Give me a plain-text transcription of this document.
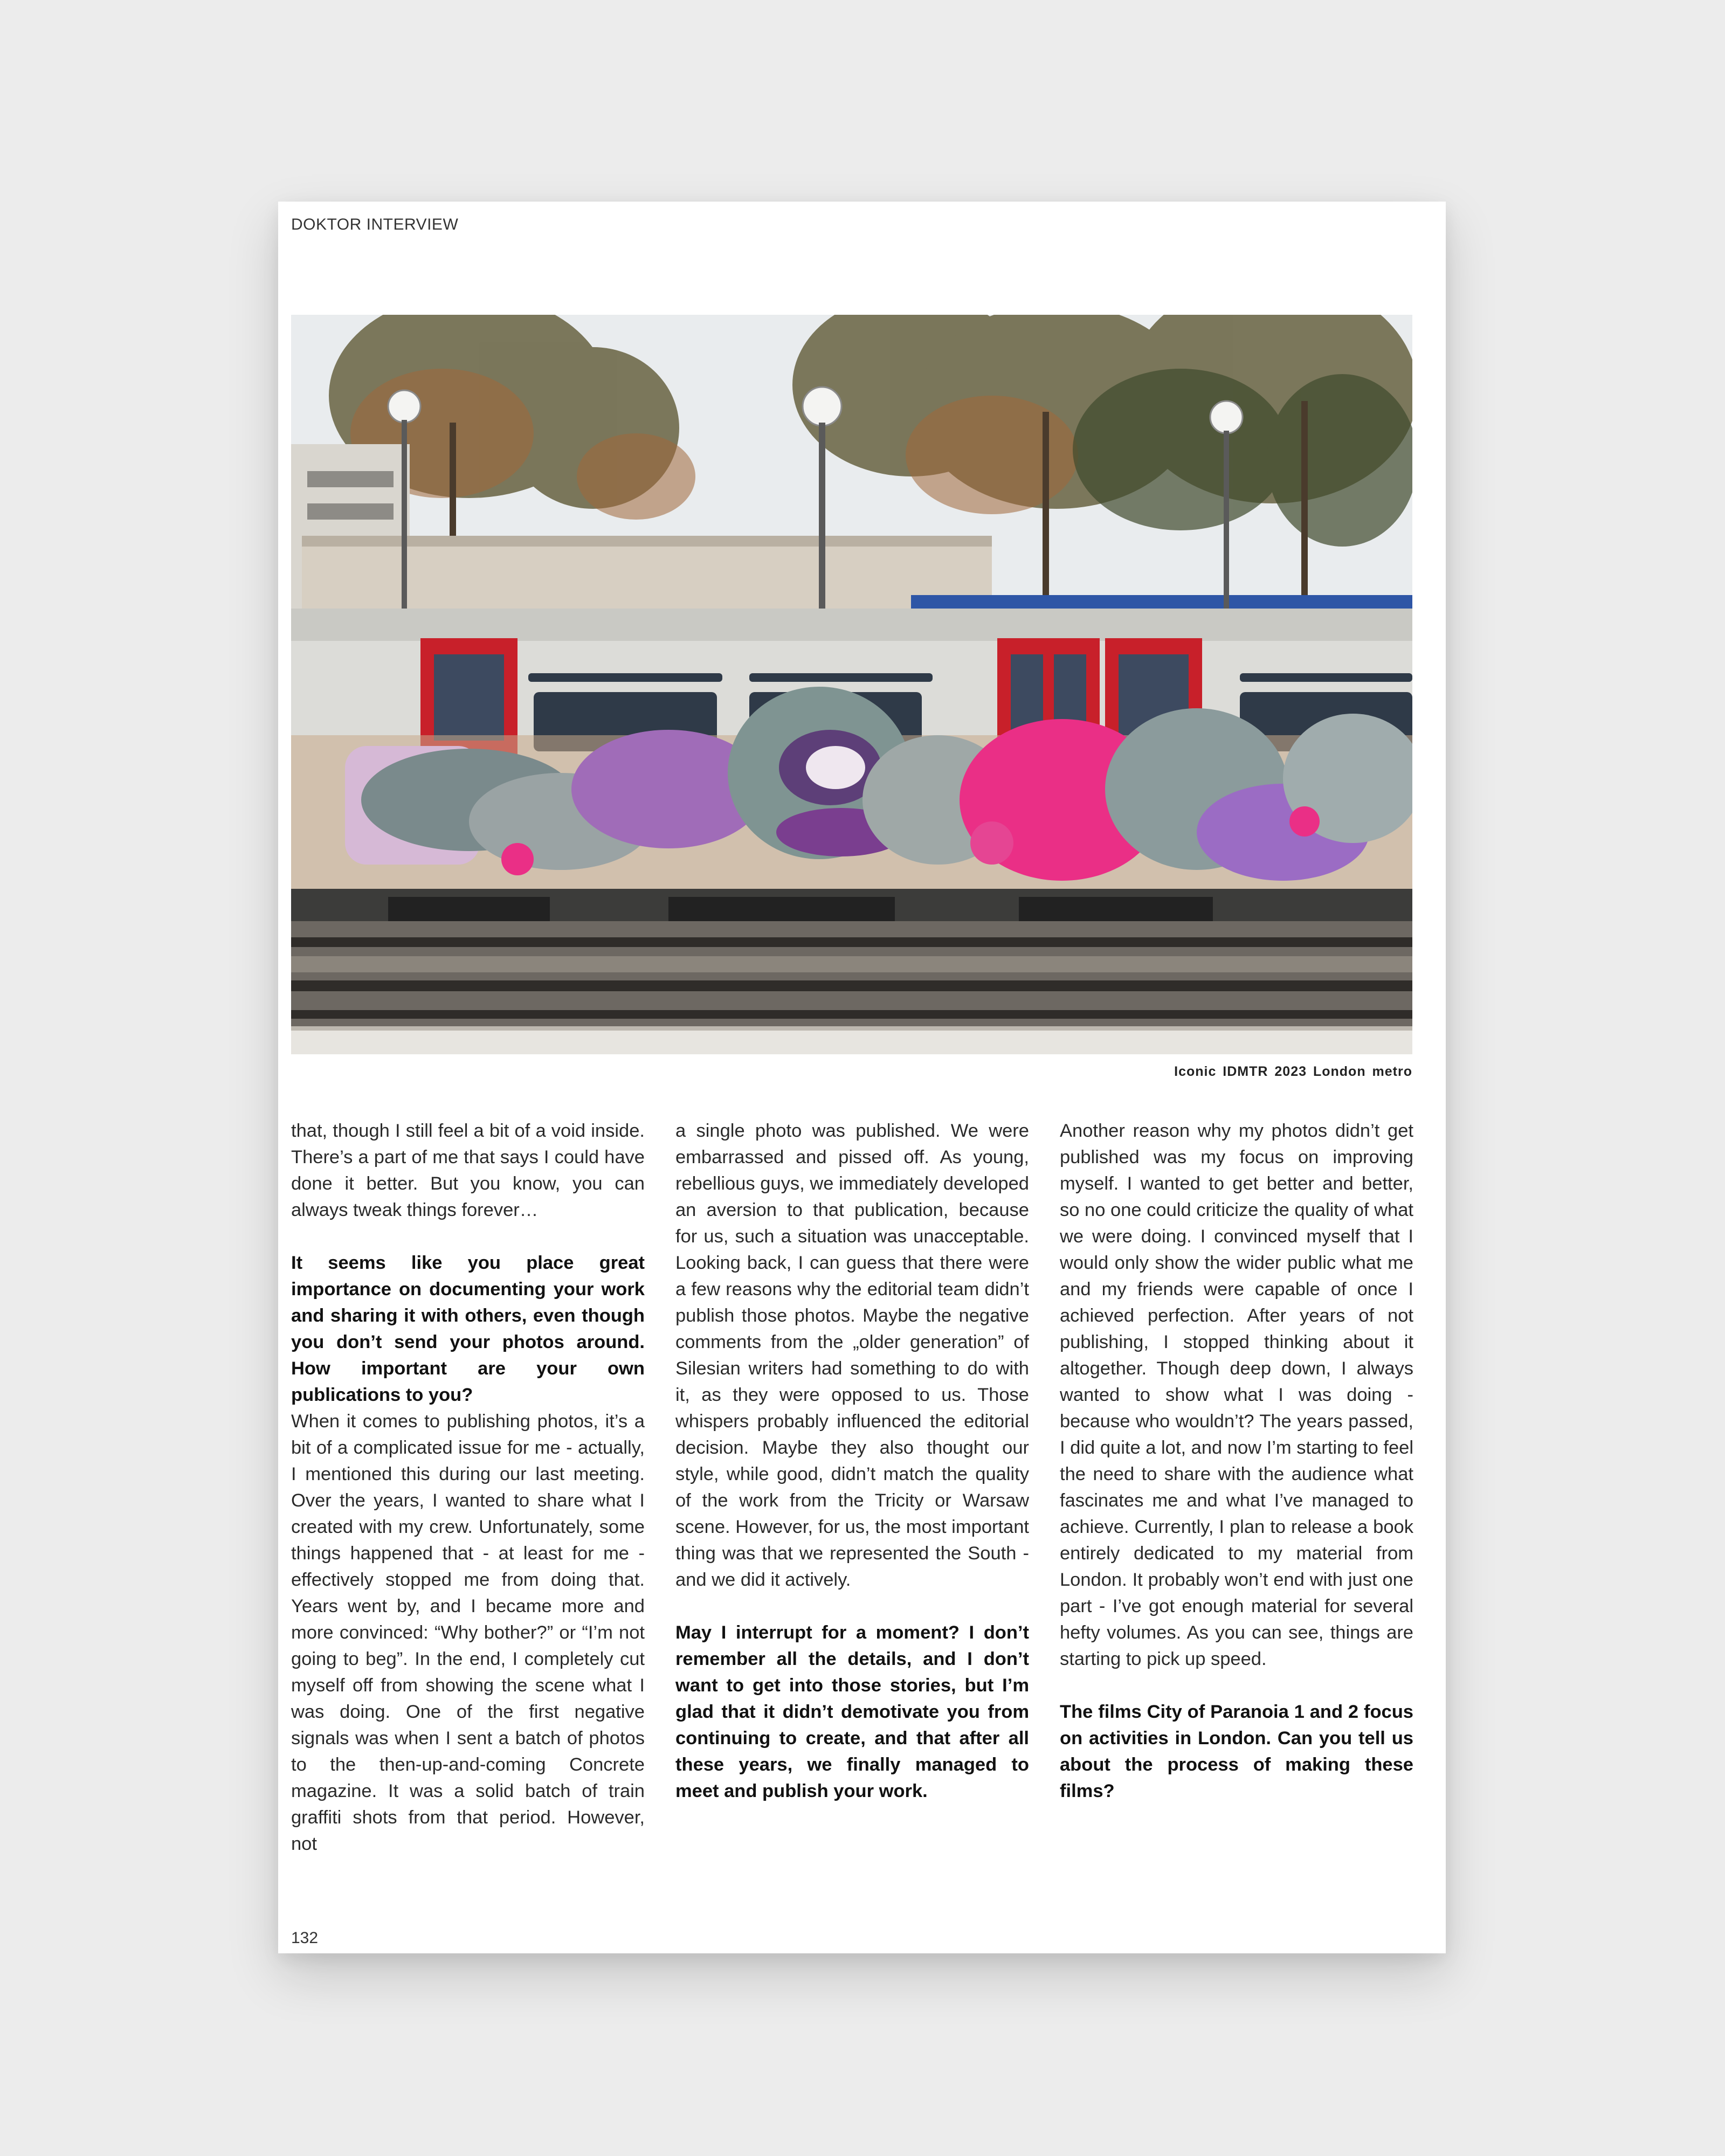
DOKTOR INTERVIEW
Iconic IDMTR 2023 London metro

that, though I still feel a bit of a void inside. There’s a part of me that says I could have done it better. But you know, you can always tweak things forever…

It seems like you place great importance on documenting your work and sharing it with others, even though you don’t send your photos around. How important are your own publications to you?

When it comes to publishing photos, it’s a bit of a complicated issue for me - actually, I mentioned this during our last meeting. Over the years, I wanted to share what I created with my crew. Unfortunately, some things happened that - at least for me - effectively stopped me from doing that. Years went by, and I became more and more convinced: “Why bother?” or “I’m not going to beg”. In the end, I completely cut myself off from showing the scene what I was doing. One of the first negative signals was when I sent a batch of photos to the then-up-and-coming Concrete magazine. It was a solid batch of train graffiti shots from that period. However, not

a single photo was published. We were embarrassed and pissed off. As young, rebellious guys, we immediately developed an aversion to that publication, because for us, such a situation was unacceptable. Looking back, I can guess that there were a few reasons why the editorial team didn’t publish those photos. Maybe the negative comments from the „older generation” of Silesian writers had something to do with it, as they were opposed to us. Those whispers probably influenced the editorial decision. Maybe they also thought our style, while good, didn’t match the quality of the work from the Tricity or Warsaw scene. However, for us, the most important thing was that we represented the South - and we did it actively.

May I interrupt for a moment? I don’t remember all the details, and I don’t want to get into those stories, but I’m glad that it didn’t demotivate you from continuing to create, and that after all these years, we finally managed to meet and publish your work.

Another reason why my photos didn’t get published was my focus on improving myself. I wanted to get better and better, so no one could criticize the quality of what we were doing. I convinced myself that I would only show the wider public what me and my friends were capable of once I achieved perfection. After years of not publishing, I stopped thinking about it altogether. Though deep down, I always wanted to show what I was doing - because who wouldn’t? The years passed, I did quite a lot, and now I’m starting to feel the need to share with the audience what fascinates me and what I’ve managed to achieve. Currently, I plan to release a book entirely dedicated to my material from London. It probably won’t end with just one part - I’ve got enough material for several hefty volumes. As you can see, things are starting to pick up speed.

The films City of Paranoia 1 and 2 focus on activities in London. Can you tell us about the process of making these films?

132
